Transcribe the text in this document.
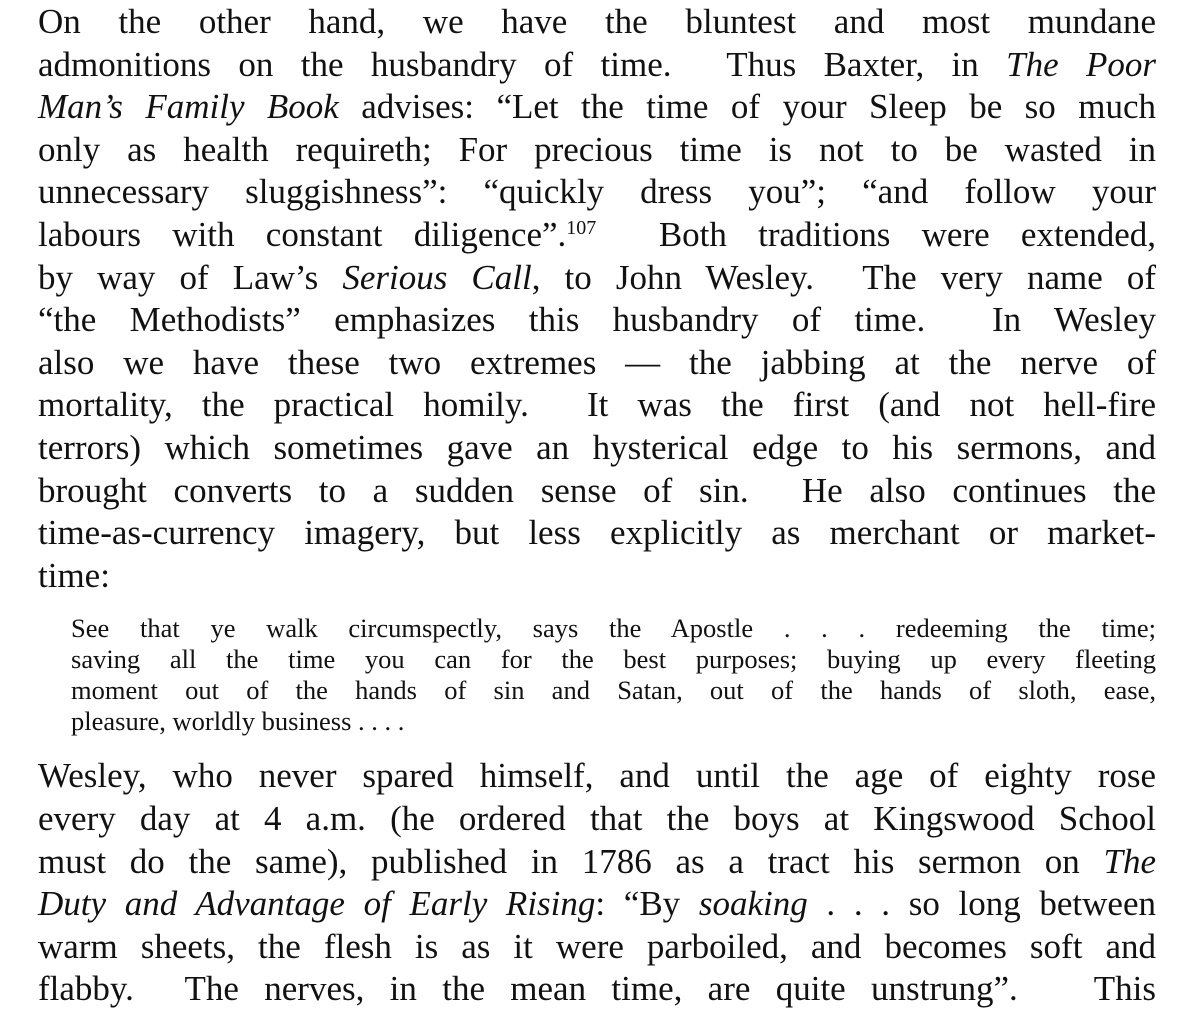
On the other hand, we have the bluntest and most mundane
admonitions on the husbandry of time.  Thus Baxter, in The Poor
Man’s Family Book advises: “Let the time of your Sleep be so much
only as health requireth; For precious time is not to be wasted in
unnecessary sluggishness”: “quickly dress you”; “and follow your
labours with constant diligence”.$^{107}$  Both traditions were extended,
by way of Law’s Serious Call, to John Wesley.  The very name of
“the Methodists” emphasizes this husbandry of time.  In Wesley
also we have these two extremes — the jabbing at the nerve of
mortality, the practical homily.  It was the first (and not hell-fire
terrors) which sometimes gave an hysterical edge to his sermons, and
brought converts to a sudden sense of sin.  He also continues the
time-as-currency imagery, but less explicitly as merchant or market-
time:
See that ye walk circumspectly, says the Apostle . . . redeeming the time;
saving all the time you can for the best purposes; buying up every fleeting
moment out of the hands of sin and Satan, out of the hands of sloth, ease,
pleasure, worldly business . . . .
Wesley, who never spared himself, and until the age of eighty rose
every day at 4 a.m. (he ordered that the boys at Kingswood School
must do the same), published in 1786 as a tract his sermon on The
Duty and Advantage of Early Rising: “By soaking . . . so long between
warm sheets, the flesh is as it were parboiled, and becomes soft and
flabby.  The nerves, in the mean time, are quite unstrung”.   This
